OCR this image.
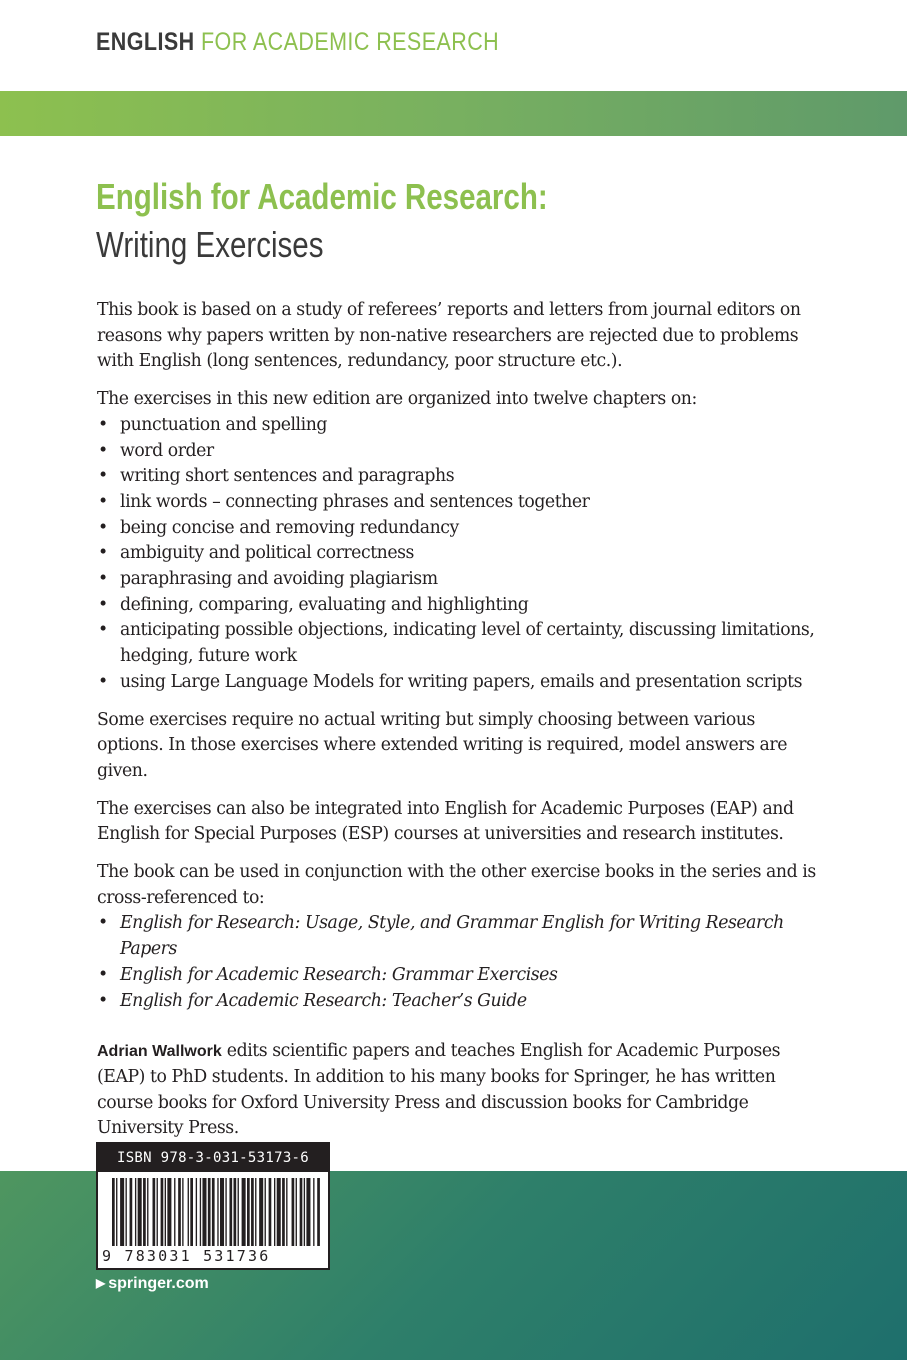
ENGLISH FOR ACADEMIC RESEARCH
English for Academic Research:
Writing Exercises

This book is based on a study of referees’ reports and letters from journal editors on reasons why papers written by non-native researchers are rejected due to problems with English (long sentences, redundancy, poor structure etc.).

The exercises in this new edition are organized into twelve chapters on:

• punctuation and spelling
• word order
• writing short sentences and paragraphs
• link words – connecting phrases and sentences together
• being concise and removing redundancy
• ambiguity and political correctness
• paraphrasing and avoiding plagiarism
• defining, comparing, evaluating and highlighting
• anticipating possible objections, indicating level of certainty, discussing limitations, hedging, future work
• using Large Language Models for writing papers, emails and presentation scripts

Some exercises require no actual writing but simply choosing between various options. In those exercises where extended writing is required, model answers are given.

The exercises can also be integrated into English for Academic Purposes (EAP) and English for Special Purposes (ESP) courses at universities and research institutes.

The book can be used in conjunction with the other exercise books in the series and is cross-referenced to:

• English for Research: Usage, Style, and Grammar English for Writing Research Papers
• English for Academic Research: Grammar Exercises
• English for Academic Research: Teacher’s Guide

Adrian Wallwork edits scientific papers and teaches English for Academic Purposes (EAP) to PhD students. In addition to his many books for Springer, he has written course books for Oxford University Press and discussion books for Cambridge University Press.

ISBN 978-3-031-53173-6
9 783031 531736
▶ springer.com
